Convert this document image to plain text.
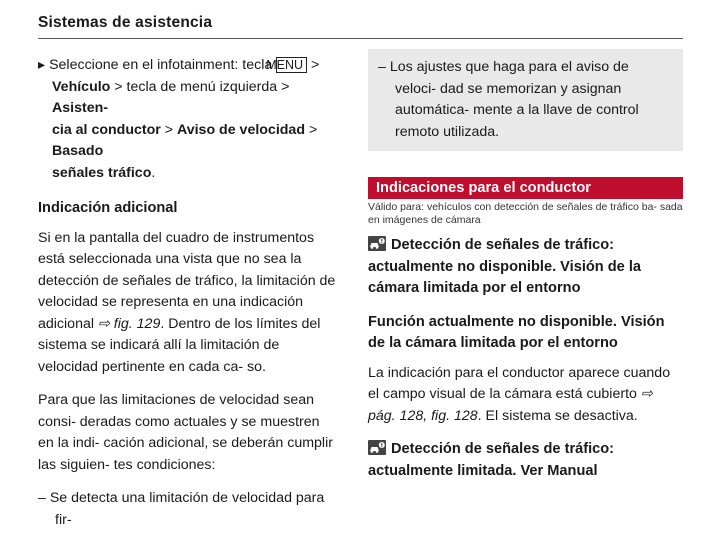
Sistemas de asistencia

▸ Seleccione en el infotainment: tecla MENU > Vehículo > tecla de menú izquierda > Asisten-
cia al conductor > Aviso de velocidad > Basado
señales tráfico.

Indicación adicional

Si en la pantalla del cuadro de instrumentos está seleccionada una vista que no sea la detección de señales de tráfico, la limitación de velocidad se representa en una indicación adicional ⇨ fig. 129. Dentro de los límites del sistema se indicará allí la limitación de velocidad pertinente en cada ca- so.

Para que las limitaciones de velocidad sean consi- deradas como actuales y se muestren en la indi- cación adicional, se deberán cumplir las siguien- tes condiciones:

– Se detecta una limitación de velocidad para fir-

– Los ajustes que haga para el aviso de veloci- dad se memorizan y asignan automática- mente a la llave de control remoto utilizada.

Indicaciones para el conductor
Válido para: vehículos con detección de señales de tráfico ba- sada en imágenes de cámara

Detección de señales de tráfico: actualmente no disponible. Visión de la cámara limitada por el entorno

Función actualmente no disponible. Visión de la cámara limitada por el entorno

La indicación para el conductor aparece cuando el campo visual de la cámara está cubierto ⇨ pág. 128, fig. 128. El sistema se desactiva.

Detección de señales de tráfico: actualmente limitada. Ver Manual
